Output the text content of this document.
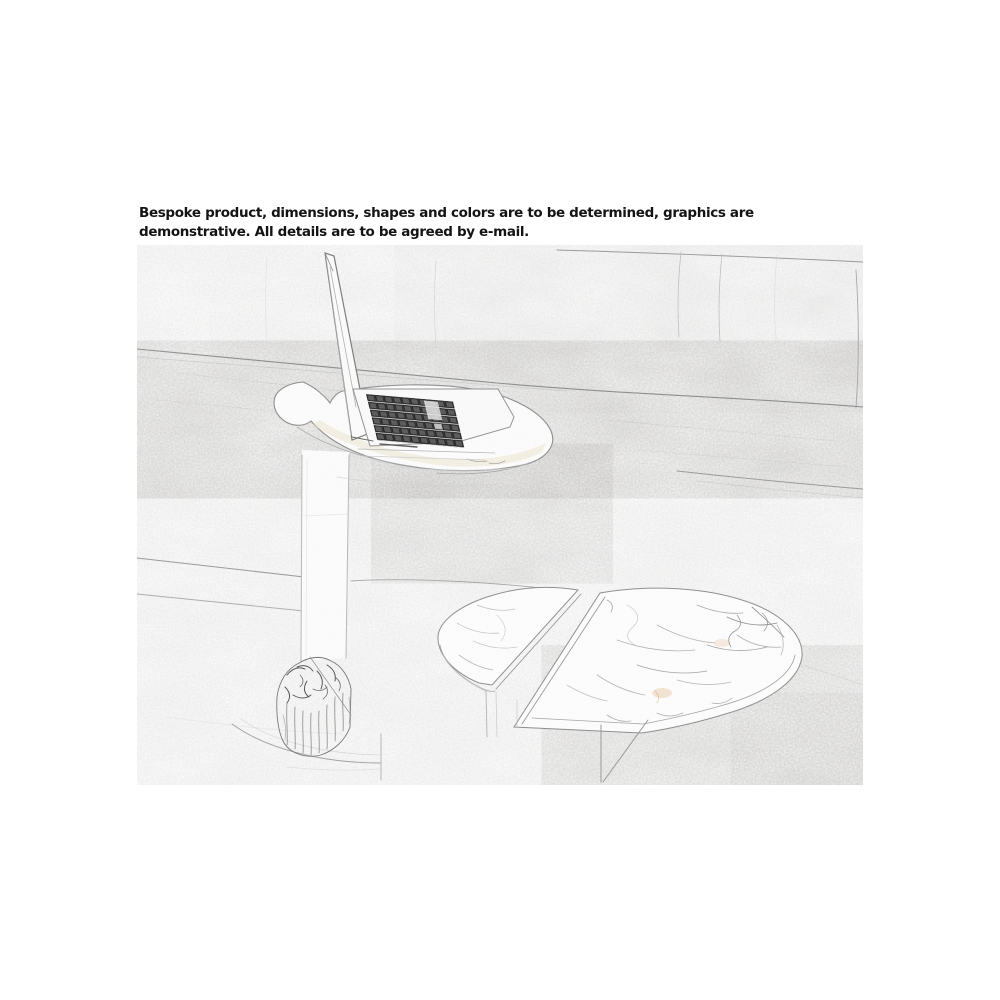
Bespoke product, dimensions, shapes and colors are to be determined, graphics are
demonstrative. All details are to be agreed by e-mail.
